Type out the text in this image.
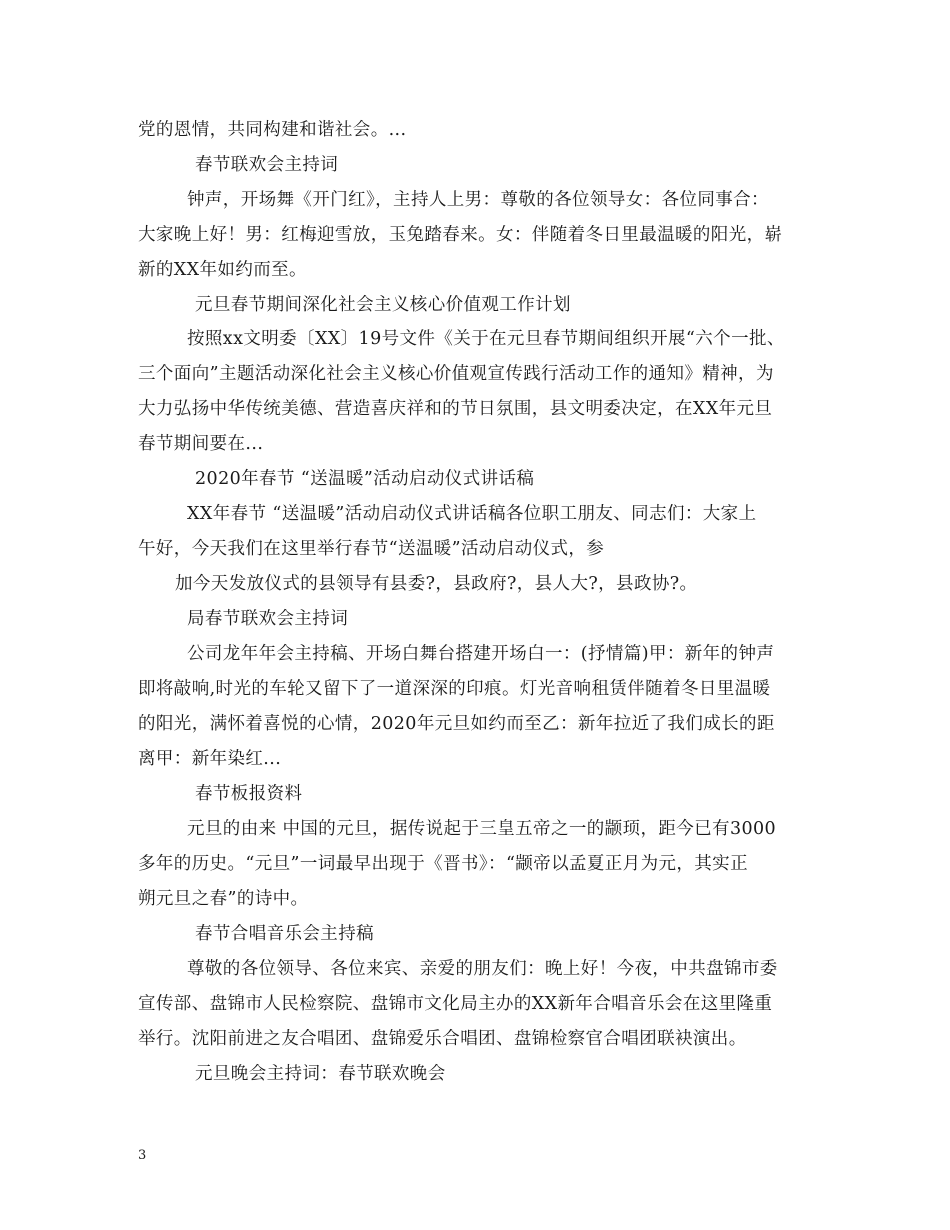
党的恩情，共同构建和谐社会。...
春节联欢会主持词
钟声，开场舞《开门红》，主持人上男：尊敬的各位领导女：各位同事合：
大家晚上好！男：红梅迎雪放，玉兔踏春来。女：伴随着冬日里最温暖的阳光，崭
新的XX年如约而至。
元旦春节期间深化社会主义核心价值观工作计划
按照xx文明委〔XX〕19号文件《关于在元旦春节期间组织开展“六个一批、
三个面向”主题活动深化社会主义核心价值观宣传践行活动工作的通知》精神，为
大力弘扬中华传统美德、营造喜庆祥和的节日氛围，县文明委决定，在XX年元旦
春节期间要在...
2020年春节 “送温暖”活动启动仪式讲话稿
XX年春节 “送温暖”活动启动仪式讲话稿各位职工朋友、同志们：大家上
午好，今天我们在这里举行春节“送温暖”活动启动仪式，参
加今天发放仪式的县领导有县委?，县政府?，县人大?，县政协?。
局春节联欢会主持词
公司龙年年会主持稿、开场白舞台搭建开场白一：(抒情篇)甲：新年的钟声
即将敲响,时光的车轮又留下了一道深深的印痕。灯光音响租赁伴随着冬日里温暖
的阳光，满怀着喜悦的心情，2020年元旦如约而至乙：新年拉近了我们成长的距
离甲：新年染红...
春节板报资料
元旦的由来 中国的元旦，据传说起于三皇五帝之一的颛顼，距今已有3000
多年的历史。“元旦”一词最早出现于《晋书》：“颛帝以孟夏正月为元，其实正
朔元旦之春”的诗中。
春节合唱音乐会主持稿
尊敬的各位领导、各位来宾、亲爱的朋友们：晚上好！今夜，中共盘锦市委
宣传部、盘锦市人民检察院、盘锦市文化局主办的XX新年合唱音乐会在这里隆重
举行。沈阳前进之友合唱团、盘锦爱乐合唱团、盘锦检察官合唱团联袂演出。
元旦晚会主持词：春节联欢晚会
3
